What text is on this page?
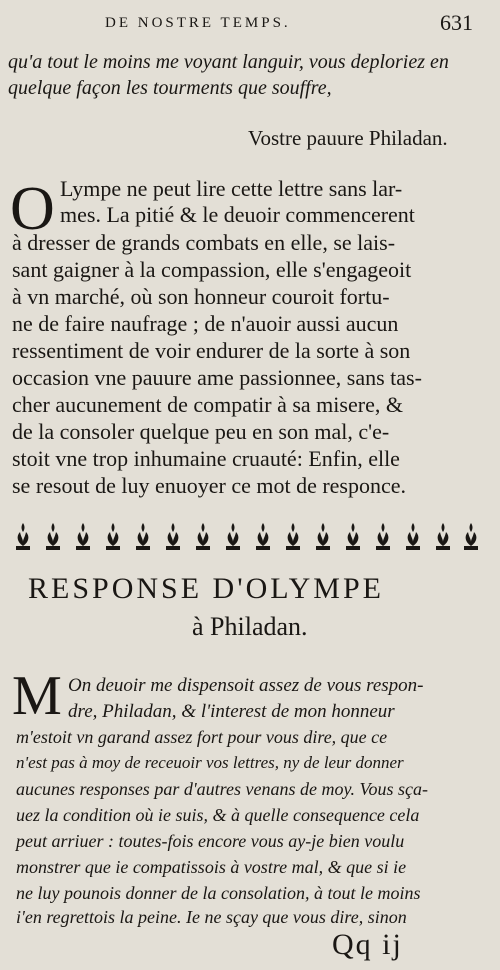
DE NOSTRE TEMPS.	631
qu'a tout le moins me voyant languir, vous deploriez en
quelque façon les tourments que souffre,
Vostre pauure Philadan.
O Lympe ne peut lire cette lettre sans lar-
mes. La pitié & le deuoir commencerent
à dresser de grands combats en elle, se lais-
sant gaigner à la compassion, elle s'engageoit
à vn marché, où son honneur couroit fortu-
ne de faire naufrage ; de n'auoir aussi aucun
ressentiment de voir endurer de la sorte à son
occasion vne pauure ame passionnee, sans tas-
cher aucunement de compatir à sa misere, &
de la consoler quelque peu en son mal, c'e-
stoit vne trop inhumaine cruauté: Enfin, elle
se resout de luy enuoyer ce mot de responce.
RESPONSE D'OLYMPE
à Philadan.
M On deuoir me dispensoit assez de vous respon-
dre, Philadan, & l'interest de mon honneur
m'estoit vn garand assez fort pour vous dire, que ce
n'est pas à moy de receuoir vos lettres, ny de leur donner
aucunes responses par d'autres venans de moy. Vous sça-
uez la condition où ie suis, & à quelle consequence cela
peut arriuer : toutes-fois encore vous ay-je bien voulu
monstrer que ie compatissois à vostre mal, & que si ie
ne luy pounois donner de la consolation, à tout le moins
i'en regrettois la peine. Ie ne sçay que vous dire, sinon
Qq ij
